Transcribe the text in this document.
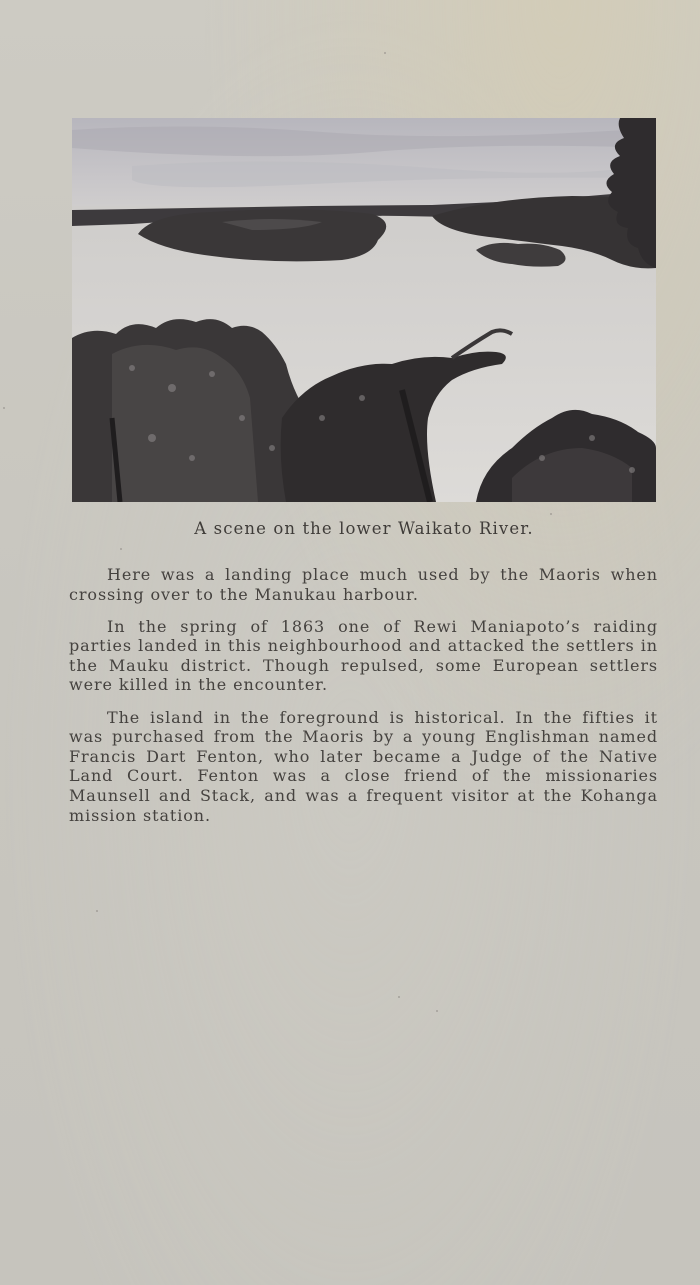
A scene on the lower Waikato River.

Here was a landing place much used by the Maoris when crossing over to the Manukau harbour.

In the spring of 1863 one of Rewi Maniapoto’s raiding parties landed in this neighbourhood and attacked the settlers in the Mauku district. Though repulsed, some European settlers were killed in the encounter.

The island in the foreground is historical. In the fifties it was purchased from the Maoris by a young Englishman named Francis Dart Fenton, who later became a Judge of the Native Land Court. Fenton was a close friend of the missionaries Maunsell and Stack, and was a frequent visitor at the Kohanga mission station.
